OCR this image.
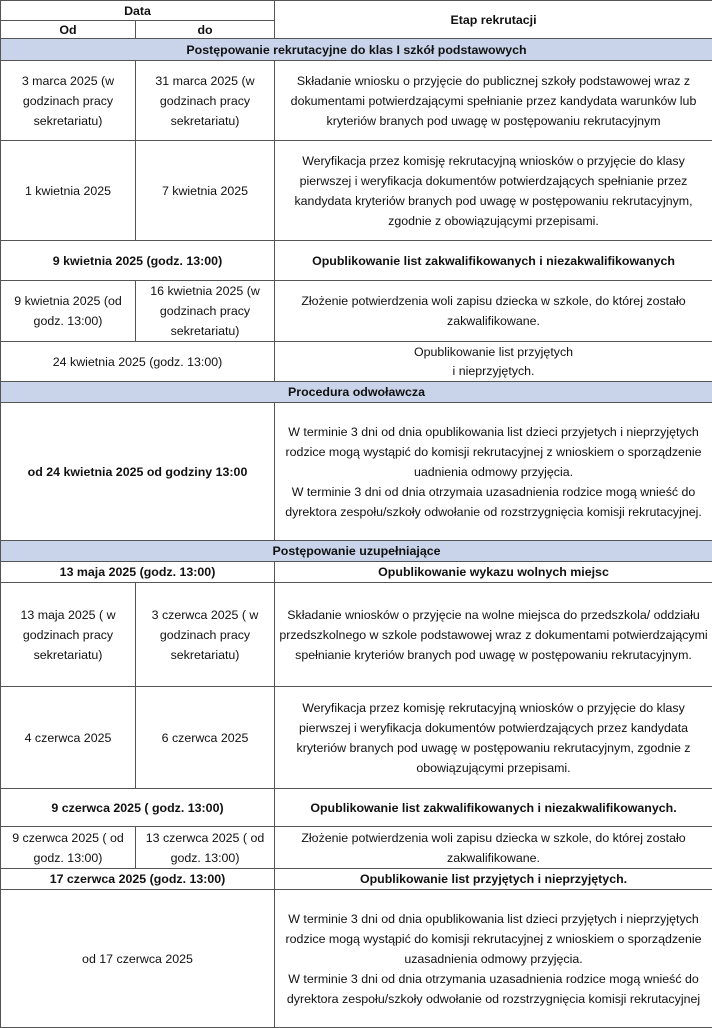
Data		Etap rekrutacji
Od	do	
Postępowanie rekrutacyjne do klas I szkół podstawowych		
3 marca 2025 (w godzinach pracy sekretariatu)	31 marca 2025 (w godzinach pracy sekretariatu)	Składanie wniosku o przyjęcie do publicznej szkoły podstawowej wraz z dokumentami potwierdzającymi spełnianie przez kandydata warunków lub kryteriów branych pod uwagę w postępowaniu rekrutacyjnym
1 kwietnia 2025	7 kwietnia 2025	Weryfikacja przez komisję rekrutacyjną wniosków o przyjęcie do klasy pierwszej i weryfikacja dokumentów potwierdzających spełnianie przez kandydata kryteriów branych pod uwagę w postępowaniu rekrutacyjnym, zgodnie z obowiązującymi przepisami.
9 kwietnia 2025 (godz. 13:00)		Opublikowanie list zakwalifikowanych i niezakwalifikowanych
9 kwietnia 2025 (od godz. 13:00)	16 kwietnia 2025 (w godzinach pracy sekretariatu)	Złożenie potwierdzenia woli zapisu dziecka w szkole, do której zostało zakwalifikowane.
24 kwietnia 2025 (godz. 13:00)		Opublikowanie list przyjętych
i nieprzyjętych.

Procedura odwoławcza		
od 24 kwietnia 2025 od godziny 13:00		W terminie 3 dni od dnia opublikowania list dzieci przyjetych i nieprzyjętych rodzice mogą wystąpić do komisji rekrutacyjnej z wnioskiem o sporządzenie uadnienia odmowy przyjęcia.
W terminie 3 dni od dnia otrzymaia uzasadnienia rodzice mogą wnieść do dyrektora zespołu/szkoły odwołanie od rozstrzygnięcia komisji rekrutacyjnej.

Postępowanie uzupełniające		
13 maja 2025 (godz. 13:00)		Opublikowanie wykazu wolnych miejsc
13 maja 2025 ( w godzinach pracy sekretariatu)	3 czerwca 2025 ( w godzinach pracy sekretariatu)	Składanie wniosków o przyjęcie na wolne miejsca do przedszkola/ oddziału przedszkolnego w szkole podstawowej wraz z dokumentami potwierdzającymi spełnianie kryteriów branych pod uwagę w postępowaniu rekrutacyjnym.
4 czerwca 2025	6 czerwca 2025	Weryfikacja przez komisję rekrutacyjną wniosków o przyjęcie do klasy pierwszej i weryfikacja dokumentów potwierdzających przez kandydata kryteriów branych pod uwagę w postępowaniu rekrutacyjnym, zgodnie z obowiązującymi przepisami.
9 czerwca 2025 ( godz. 13:00)		Opublikowanie list zakwalifikowanych i niezakwalifikowanych.
9 czerwca 2025 ( od godz. 13:00)	13 czerwca 2025 ( od godz. 13:00)	Złożenie potwierdzenia woli zapisu dziecka w szkole, do której zostało zakwalifikowane.
17 czerwca 2025 (godz. 13:00)		Opublikowanie list przyjętych i nieprzyjętych.
od 17 czerwca 2025		W terminie 3 dni od dnia opublikowania list dzieci przyjętych i nieprzyjętych rodzice mogą wystąpić do komisji rekrutacyjnej z wnioskiem o sporządzenie uzasadnienia odmowy przyjęcia.
W terminie 3 dni od dnia otrzymania uzasadnienia rodzice mogą wnieść do dyrektora zespołu/szkoły odwołanie od rozstrzygnięcia komisji rekrutacyjnej
